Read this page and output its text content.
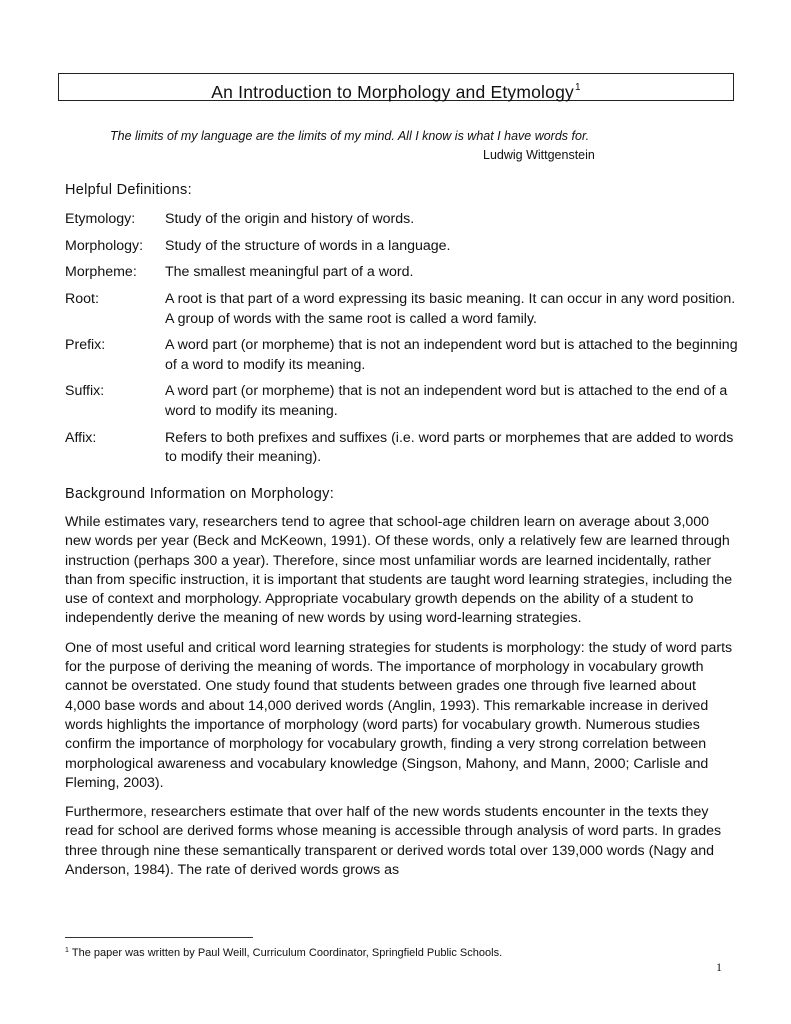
An Introduction to Morphology and Etymology$^1$
The limits of my language are the limits of my mind. All I know is what I have words for.
Ludwig Wittgenstein
Helpful Definitions:
Etymology:	Study of the origin and history of words.
Morphology:	Study of the structure of words in a language.
Morpheme:	The smallest meaningful part of a word.
Root:	A root is that part of a word expressing its basic meaning. It can occur in any word position. A group of words with the same root is called a word family.
Prefix:	A word part (or morpheme) that is not an independent word but is attached to the beginning of a word to modify its meaning.
Suffix:	A word part (or morpheme) that is not an independent word but is attached to the end of a word to modify its meaning.
Affix:	Refers to both prefixes and suffixes (i.e. word parts or morphemes that are added to words to modify their meaning).
Background Information on Morphology:

While estimates vary, researchers tend to agree that school-age children learn on average about 3,000 new words per year (Beck and McKeown, 1991). Of these words, only a relatively few are learned through instruction (perhaps 300 a year). Therefore, since most unfamiliar words are learned incidentally, rather than from specific instruction, it is important that students are taught word learning strategies, including the use of context and morphology. Appropriate vocabulary growth depends on the ability of a student to independently derive the meaning of new words by using word-learning strategies.

One of most useful and critical word learning strategies for students is morphology: the study of word parts for the purpose of deriving the meaning of words. The importance of morphology in vocabulary growth cannot be overstated. One study found that students between grades one through five learned about 4,000 base words and about 14,000 derived words (Anglin, 1993). This remarkable increase in derived words highlights the importance of morphology (word parts) for vocabulary growth. Numerous studies confirm the importance of morphology for vocabulary growth, finding a very strong correlation between morphological awareness and vocabulary knowledge (Singson, Mahony, and Mann, 2000; Carlisle and Fleming, 2003).

Furthermore, researchers estimate that over half of the new words students encounter in the texts they read for school are derived forms whose meaning is accessible through analysis of word parts. In grades three through nine these semantically transparent or derived words total over 139,000 words (Nagy and Anderson, 1984). The rate of derived words grows as

$^1$ The paper was written by Paul Weill, Curriculum Coordinator, Springfield Public Schools.
1
